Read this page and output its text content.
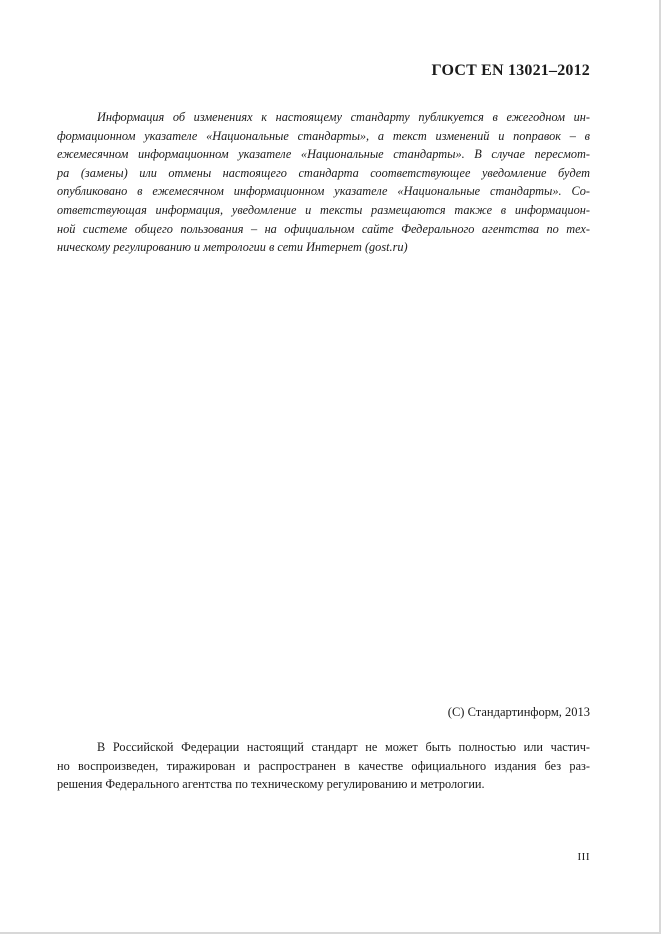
ГОСТ EN 13021–2012
Информация об изменениях к настоящему стандарту публикуется в ежегодном ин-
формационном указателе «Национальные стандарты», а текст изменений и поправок – в
ежемесячном информационном указателе «Национальные стандарты». В случае пересмот-
ра (замены) или отмены настоящего стандарта соответствующее уведомление будет
опубликовано в ежемесячном информационном указателе «Национальные стандарты». Со-
ответствующая информация, уведомление и тексты размещаются также в информацион-
ной системе общего пользования – на официальном сайте Федерального агентства по тех-
ническому регулированию и метрологии в сети Интернет (gost.ru)
(C) Стандартинформ, 2013
В Российской Федерации настоящий стандарт не может быть полностью или частич-
но воспроизведен, тиражирован и распространен в качестве официального издания без раз-
решения Федерального агентства по техническому регулированию и метрологии.
III
